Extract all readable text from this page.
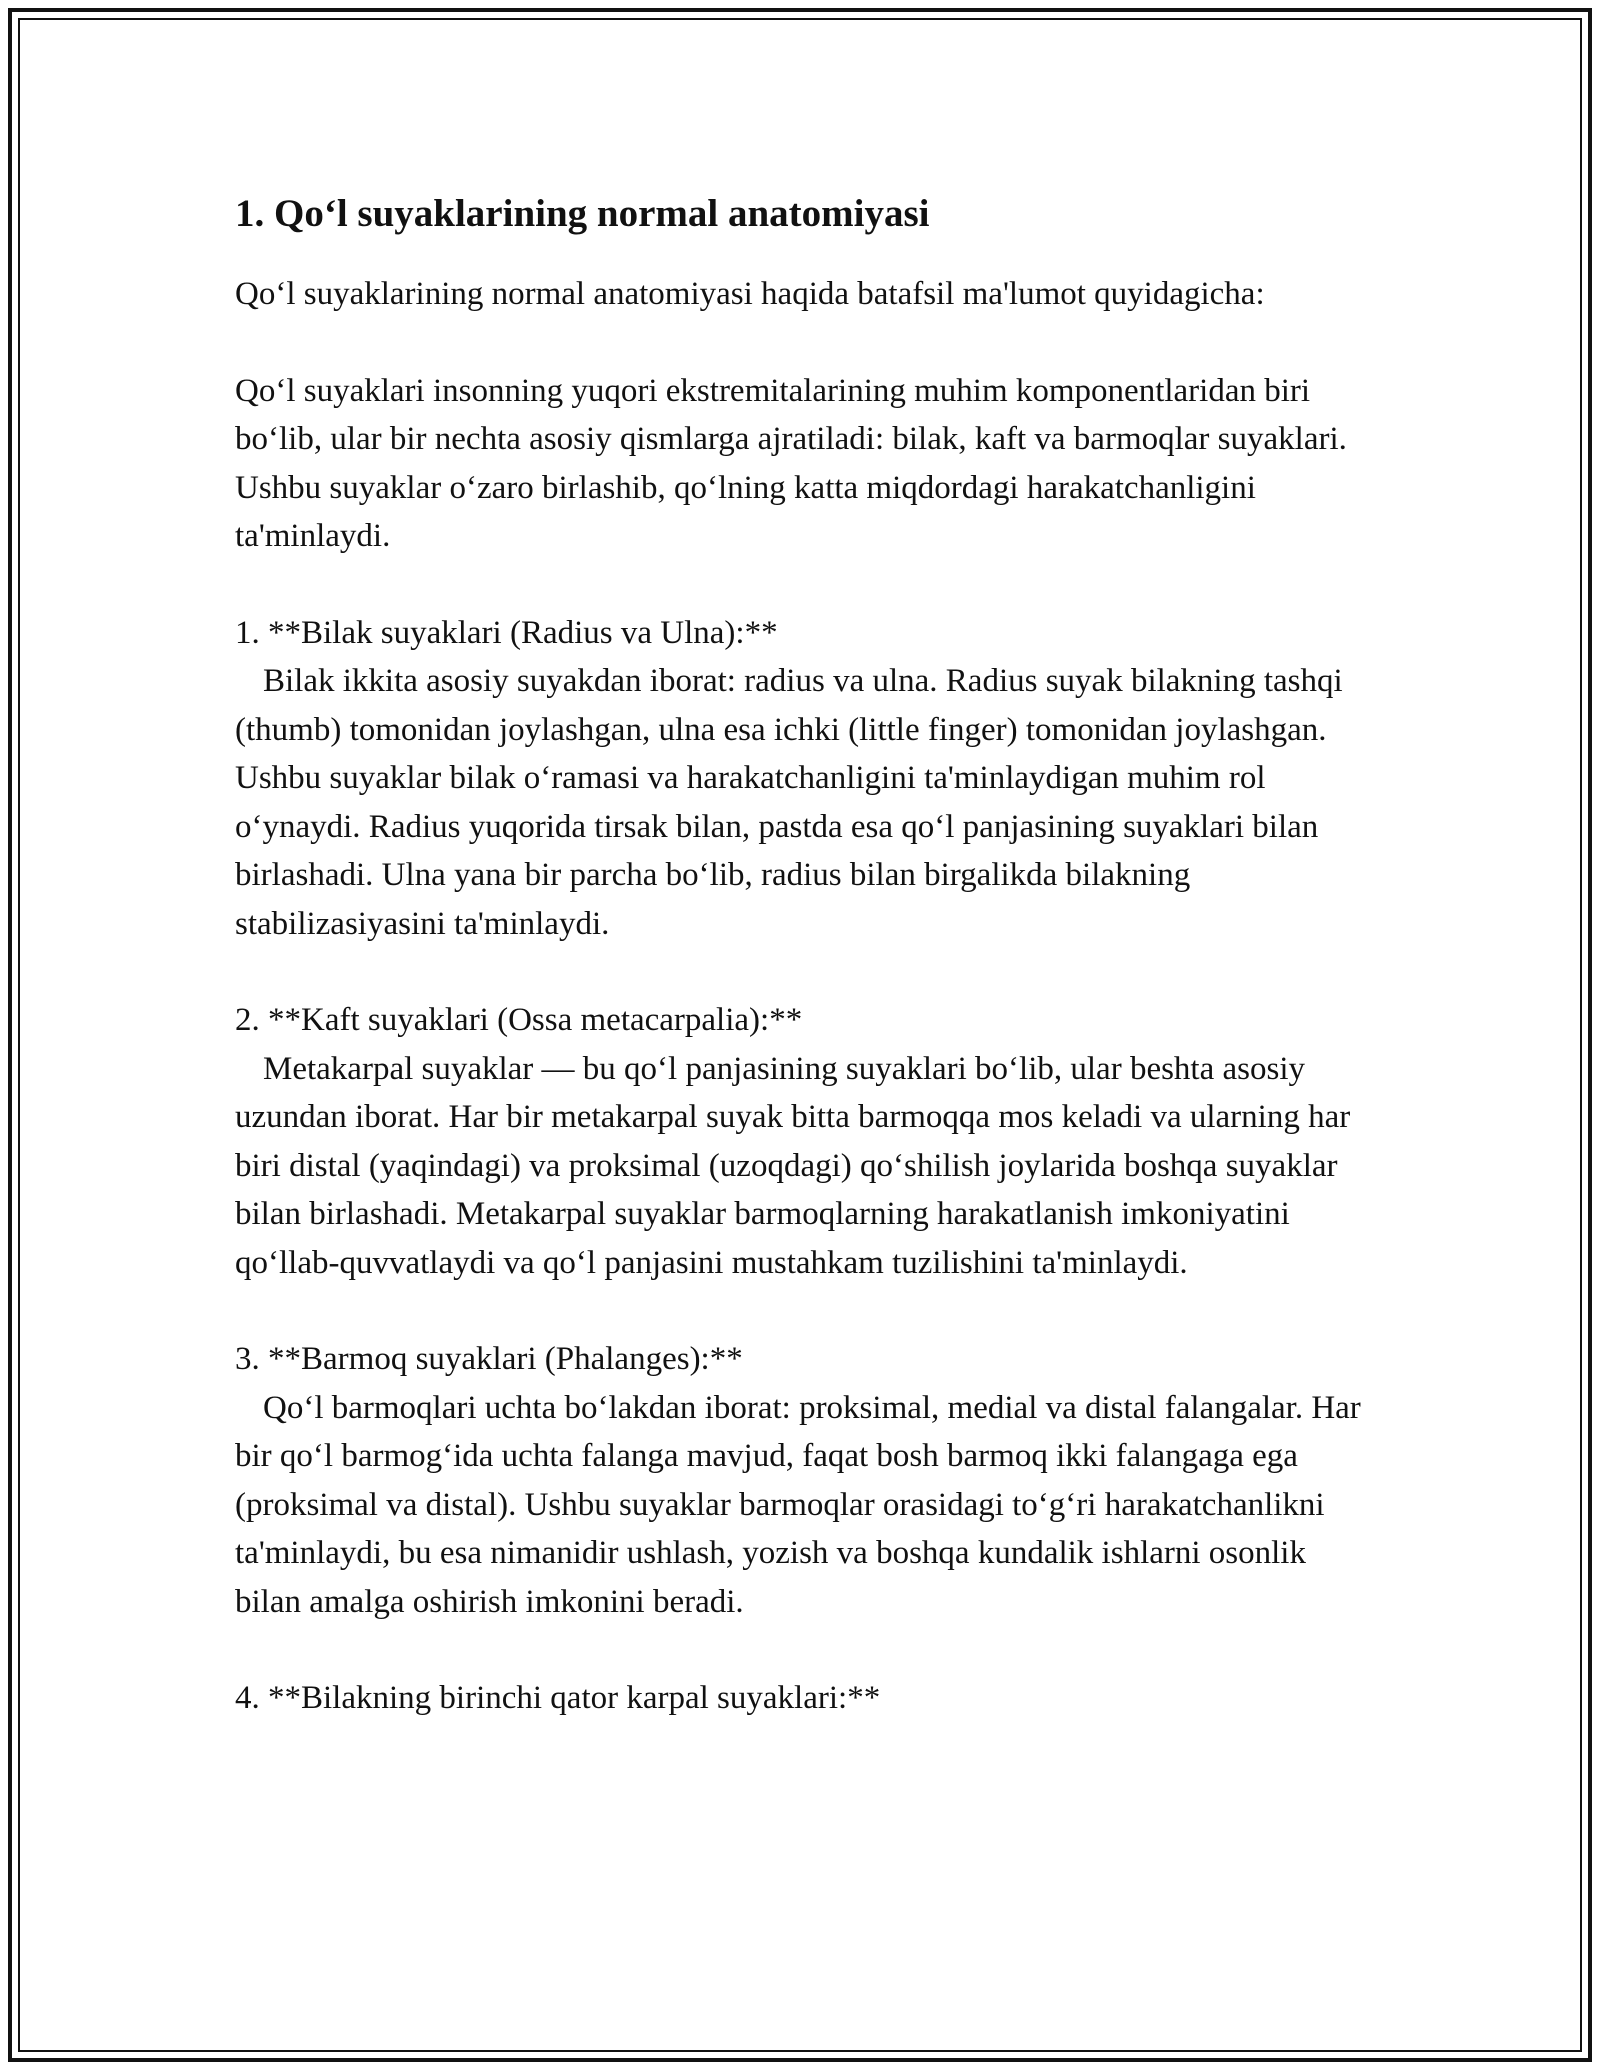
1. Qo‘l suyaklarining normal anatomiyasi

Qo‘l suyaklarining normal anatomiyasi haqida batafsil ma'lumot quyidagicha:

Qo‘l suyaklari insonning yuqori ekstremitalarining muhim komponentlaridan biri bo‘lib, ular bir nechta asosiy qismlarga ajratiladi: bilak, kaft va barmoqlar suyaklari. Ushbu suyaklar o‘zaro birlashib, qo‘lning katta miqdordagi harakatchanligini ta'minlaydi.

1. **Bilak suyaklari (Radius va Ulna):**

Bilak ikkita asosiy suyakdan iborat: radius va ulna. Radius suyak bilakning tashqi (thumb) tomonidan joylashgan, ulna esa ichki (little finger) tomonidan joylashgan. Ushbu suyaklar bilak o‘ramasi va harakatchanligini ta'minlaydigan muhim rol o‘ynaydi. Radius yuqorida tirsak bilan, pastda esa qo‘l panjasining suyaklari bilan birlashadi. Ulna yana bir parcha bo‘lib, radius bilan birgalikda bilakning stabilizasiyasini ta'minlaydi.

2. **Kaft suyaklari (Ossa metacarpalia):**

Metakarpal suyaklar — bu qo‘l panjasining suyaklari bo‘lib, ular beshta asosiy uzundan iborat. Har bir metakarpal suyak bitta barmoqqa mos keladi va ularning har biri distal (yaqindagi) va proksimal (uzoqdagi) qo‘shilish joylarida boshqa suyaklar bilan birlashadi. Metakarpal suyaklar barmoqlarning harakatlanish imkoniyatini qo‘llab-quvvatlaydi va qo‘l panjasini mustahkam tuzilishini ta'minlaydi.

3. **Barmoq suyaklari (Phalanges):**

Qo‘l barmoqlari uchta bo‘lakdan iborat: proksimal, medial va distal falangalar. Har bir qo‘l barmog‘ida uchta falanga mavjud, faqat bosh barmoq ikki falangaga ega (proksimal va distal). Ushbu suyaklar barmoqlar orasidagi to‘g‘ri harakatchanlikni ta'minlaydi, bu esa nimanidir ushlash, yozish va boshqa kundalik ishlarni osonlik bilan amalga oshirish imkonini beradi.

4. **Bilakning birinchi qator karpal suyaklari:**
